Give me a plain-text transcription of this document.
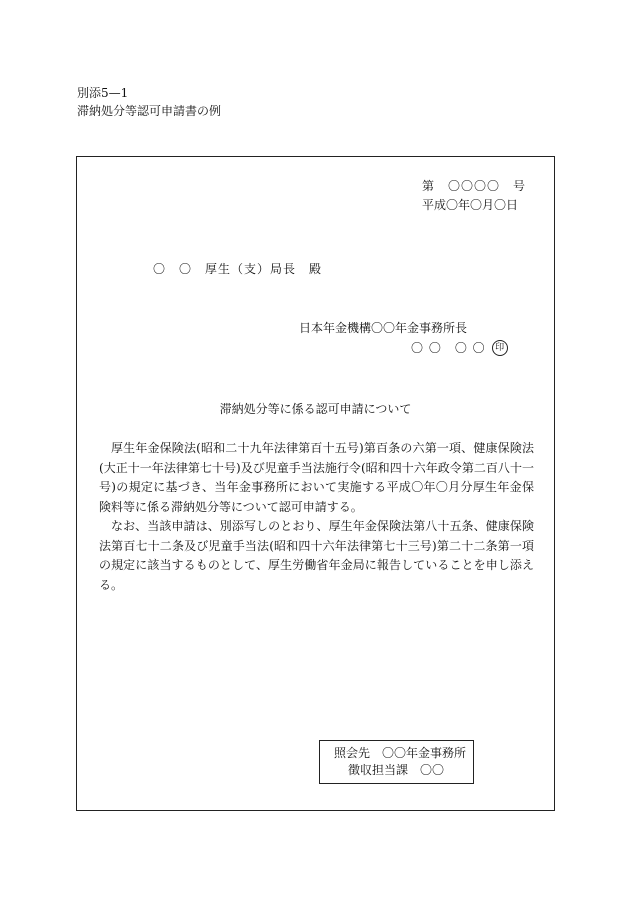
別添5—1
滞納処分等認可申請書の例
第　〇〇〇〇　号
平成〇年〇月〇日
〇　〇　厚生（支）局長　殿
日本年金機構〇〇年金事務所長
〇 〇　〇 〇	印
滞納処分等に係る認可申請について

厚生年金保険法(昭和二十九年法律第百十五号)第百条の六第一項、健康保険法(大正十一年法律第七十号)及び児童手当法施行令(昭和四十六年政令第二百八十一号)の規定に基づき、当年金事務所において実施する平成〇年〇月分厚生年金保険料等に係る滞納処分等について認可申請する。

なお、当該申請は、別添写しのとおり、厚生年金保険法第八十五条、健康保険法第百七十二条及び児童手当法(昭和四十六年法律第七十三号)第二十二条第一項の規定に該当するものとして、厚生労働省年金局に報告していることを申し添える。

照会先　〇〇年金事務所
徴収担当課　〇〇
